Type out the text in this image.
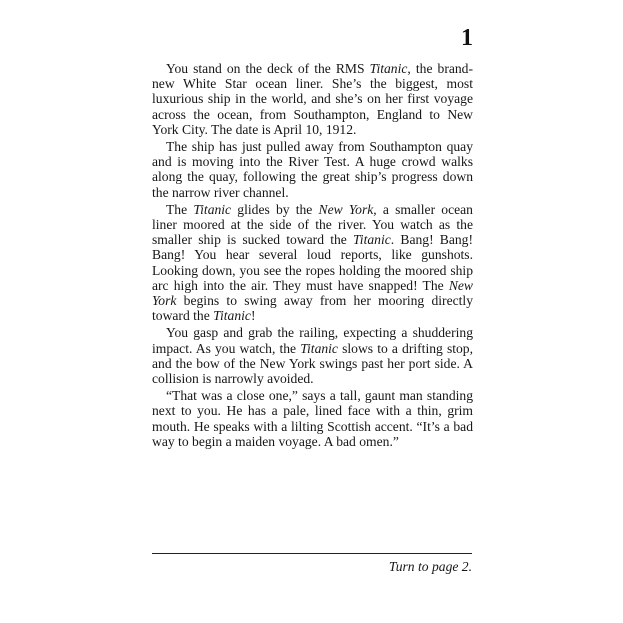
1

You stand on the deck of the RMS Titanic, the brand-new White Star ocean liner. She’s the biggest, most luxurious ship in the world, and she’s on her first voyage across the ocean, from Southampton, England to New York City. The date is April 10, 1912.

The ship has just pulled away from Southampton quay and is moving into the River Test. A huge crowd walks along the quay, following the great ship’s progress down the narrow river channel.

The Titanic glides by the New York, a smaller ocean liner moored at the side of the river. You watch as the smaller ship is sucked toward the Titanic. Bang! Bang! Bang! You hear several loud reports, like gunshots. Looking down, you see the ropes holding the moored ship arc high into the air. They must have snapped! The New York begins to swing away from her mooring directly toward the Titanic!

You gasp and grab the railing, expecting a shuddering impact. As you watch, the Titanic slows to a drifting stop, and the bow of the New York swings past her port side. A collision is narrowly avoided.

“That was a close one,” says a tall, gaunt man standing next to you. He has a pale, lined face with a thin, grim mouth. He speaks with a lilting Scottish accent. “It’s a bad way to begin a maiden voyage. A bad omen.”

Turn to page 2.
